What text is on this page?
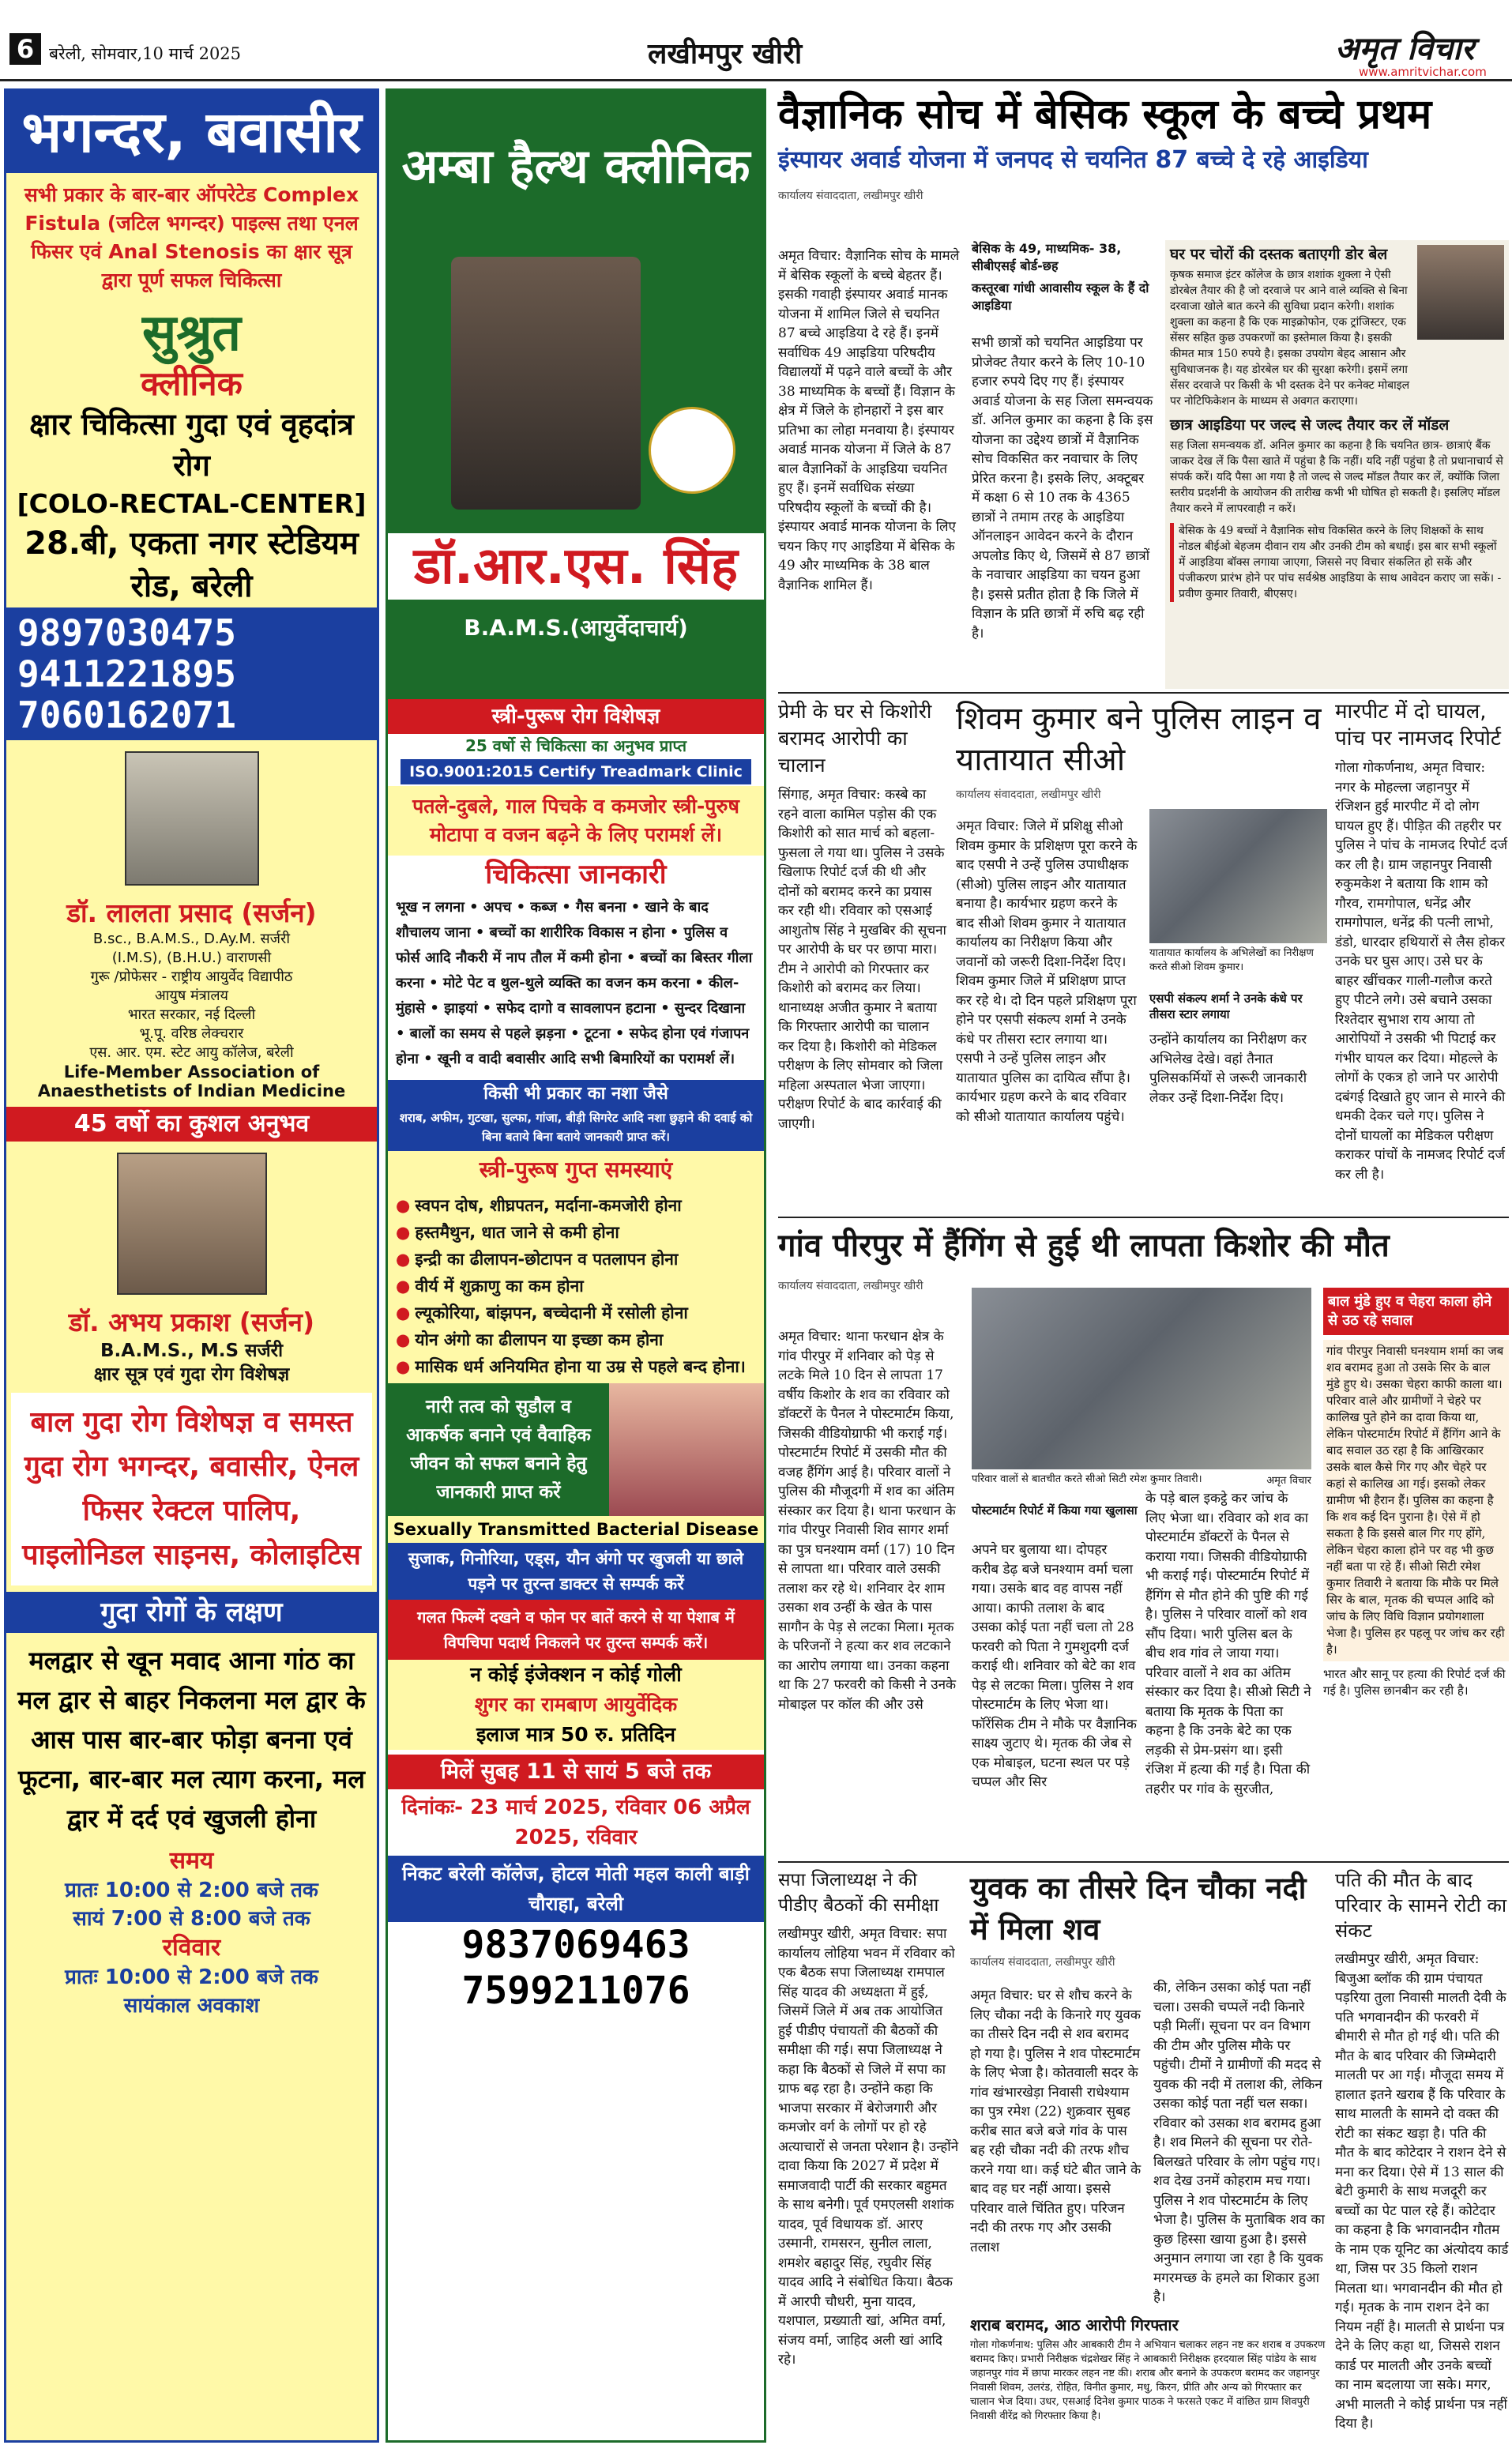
6 बरेली, सोमवार,10 मार्च 2025	लखीमपुर खीरी	अमृत विचार
www.amritvichar.com
भगन्दर, बवासीर
सभी प्रकार के बार-बार ऑपरेटेड Complex Fistula (जटिल भगन्दर) पाइल्स तथा एनल फिसर एवं Anal Stenosis का क्षार सूत्र द्वारा पूर्ण सफल चिकित्सा
सुश्रुत
क्लीनिक
क्षार चिकित्सा गुदा एवं वृहदांत्र रोग
[COLO-RECTAL-CENTER]
28.बी, एकता नगर स्टेडियम रोड, बरेली
9897030475
9411221895
7060162071
डॉ. लालता प्रसाद (सर्जन)
B.sc., B.A.M.S., D.Ay.M. सर्जरी
(I.M.S), (B.H.U.) वाराणसी
गुरू /प्रोफेसर - राष्ट्रीय आयुर्वेद विद्यापीठ
आयुष मंत्रालय
भारत सरकार, नई दिल्ली
भू.पू. वरिष्ठ लेक्चरार
एस. आर. एम. स्टेट आयु कॉलेज, बरेली
Life-Member Association of Anaesthetists of Indian Medicine
45 वर्षो का कुशल अनुभव
डॉ. अभय प्रकाश (सर्जन)
B.A.M.S., M.S सर्जरी
क्षार सूत्र एवं गुदा रोग विशेषज्ञ
बाल गुदा रोग विशेषज्ञ व समस्त गुदा रोग भगन्दर, बवासीर, ऐनल फिसर रेक्टल पालिप, पाइलोनिडल साइनस, कोलाइटिस
गुदा रोगों के लक्षण
मलद्वार से खून मवाद आना गांठ का मल द्वार से बाहर निकलना मल द्वार के आस पास बार-बार फोड़ा बनना एवं फूटना, बार-बार मल त्याग करना, मल द्वार में दर्द एवं खुजली होना
समय
प्रातः 10:00 से 2:00 बजे तक
सायं 7:00 से 8:00 बजे तक
रविवार
प्रातः 10:00 से 2:00 बजे तक
सायंकाल अवकाश
अम्बा हैल्थ क्लीनिक
डॉ.आर.एस. सिंह
B.A.M.S.(आयुर्वेदाचार्य)
स्त्री-पुरूष रोग विशेषज्ञ
25 वर्षो से चिकित्सा का अनुभव प्राप्त
ISO.9001:2015 Certify Treadmark Clinic
पतले-दुबले, गाल पिचके व कमजोर स्त्री-पुरुष मोटापा व वजन बढ़ने के लिए परामर्श लें।
चिकित्सा जानकारी
भूख न लगना • अपच • कब्ज • गैस बनना • खाने के बाद शौचालय जाना • बच्चों का शारीरिक विकास न होना • पुलिस व फोर्स आदि नौकरी में नाप तौल में कमी होना • बच्चों का बिस्तर गीला करना • मोटे पेट व थुल-थुले व्यक्ति का वजन कम करना • कील- मुंहासे • झाइयां • सफेद दागो व सावलापन हटाना • सुन्दर दिखाना • बालों का समय से पहले झड़ना • टूटना • सफेद होना एवं गंजापन होना • खूनी व वादी बवासीर आदि सभी बिमारियों का परामर्श लें।
किसी भी प्रकार का नशा जैसे
शराब, अफीम, गुटखा, सुल्फा, गांजा, बीड़ी सिगरेट आदि नशा छुड़ाने की दवाई को बिना बताये बिना बताये जानकारी प्राप्त करें।
स्त्री-पुरूष गुप्त समस्याएं
● स्वपन दोष, शीघ्रपतन, मर्दाना-कमजोरी होना
● हस्तमैथुन, धात जाने से कमी होना
● इन्द्री का ढीलापन-छोटापन व पतलापन होना
● वीर्य में शुक्राणु का कम होना
● ल्यूकोरिया, बांझपन, बच्चेदानी में रसोली होना
● योन अंगो का ढीलापन या इच्छा कम होना
● मासिक धर्म अनियमित होना या उम्र से पहले बन्द होना।
नारी तत्व को सुडौल व आकर्षक बनाने एवं वैवाहिक जीवन को सफल बनाने हेतु जानकारी प्राप्त करें
Sexually Transmitted Bacterial Disease
सुजाक, गिनोरिया, एड्स, यौन अंगो पर खुजली या छाले पड़ने पर तुरन्त डाक्टर से सम्पर्क करें
गलत फिल्में दखने व फोन पर बातें करने से या पेशाब में विपचिपा पदार्थ निकलने पर तुरन्त सम्पर्क करें।
न कोई इंजेक्शन न कोई गोली
शुगर का रामबाण आयुर्वेदिक
इलाज मात्र 50 रु. प्रतिदिन
मिलें सुबह 11 से सायं 5 बजे तक
दिनांकः- 23 मार्च 2025, रविवार 06 अप्रैल 2025, रविवार
निकट बरेली कॉलेज, होटल मोती महल काली बाड़ी चौराहा, बरेली
9837069463
7599211076
वैज्ञानिक सोच में बेसिक स्कूल के बच्चे प्रथम
इंस्पायर अवार्ड योजना में जनपद से चयनित 87 बच्चे दे रहे आइडिया
कार्यालय संवाददाता, लखीमपुर खीरी

अमृत विचार: वैज्ञानिक सोच के मामले में बेसिक स्कूलों के बच्चे बेहतर हैं। इसकी गवाही इंस्पायर अवार्ड मानक योजना में शामिल जिले से चयनित 87 बच्चे आइडिया दे रहे हैं। इनमें सर्वाधिक 49 आइडिया परिषदीय विद्यालयों में पढ़ने वाले बच्चों के और 38 माध्यमिक के बच्चों हैं। विज्ञान के क्षेत्र में जिले के होनहारों ने इस बार प्रतिभा का लोहा मनवाया है। इंस्पायर अवार्ड मानक योजना में जिले के 87 बाल वैज्ञानिकों के आइडिया चयनित हुए हैं। इनमें सर्वाधिक संख्या परिषदीय स्कूलों के बच्चों की है। इंस्पायर अवार्ड मानक योजना के लिए चयन किए गए आइडिया में बेसिक के 49 और माध्यमिक के 38 बाल वैज्ञानिक शामिल हैं।

बेसिक के 49, माध्यमिक- 38, सीबीएसई बोर्ड-छह
कस्तूरबा गांधी आवासीय स्कूल के हैं दो आइडिया

सभी छात्रों को चयनित आइडिया पर प्रोजेक्ट तैयार करने के लिए 10-10 हजार रुपये दिए गए हैं। इंस्पायर अवार्ड योजना के सह जिला समन्वयक डॉ. अनिल कुमार का कहना है कि इस योजना का उद्देश्य छात्रों में वैज्ञानिक सोच विकसित कर नवाचार के लिए प्रेरित करना है। इसके लिए, अक्टूबर में कक्षा 6 से 10 तक के 4365 छात्रों ने तमाम तरह के आइडिया ऑनलाइन आवेदन करने के दौरान अपलोड किए थे, जिसमें से 87 छात्रों के नवाचार आइडिया का चयन हुआ है। इससे प्रतीत होता है कि जिले में विज्ञान के प्रति छात्रों में रुचि बढ़ रही है।

घर पर चोरों की दस्तक बताएगी डोर बेल
कृषक समाज इंटर कॉलेज के छात्र शशांक शुक्ला ने ऐसी डोरबेल तैयार की है जो दरवाजे पर आने वाले व्यक्ति से बिना दरवाजा खोले बात करने की सुविधा प्रदान करेगी। शशांक शुक्ला का कहना है कि एक माइक्रोफोन, एक ट्रांजिस्टर, एक सेंसर सहित कुछ उपकरणों का इस्तेमाल किया है। इसकी कीमत मात्र 150 रुपये है। इसका उपयोग बेहद आसान और सुविधाजनक है। यह डोरबेल घर की सुरक्षा करेगी। इसमें लगा सेंसर दरवाजे पर किसी के भी दस्तक देने पर कनेक्ट मोबाइल पर नोटिफिकेशन के माध्यम से अवगत कराएगा।
छात्र आइडिया पर जल्द से जल्द तैयार कर लें मॉडल
सह जिला समन्वयक डॉ. अनिल कुमार का कहना है कि चयनित छात्र- छात्राएं बैंक जाकर देख लें कि पैसा खाते में पहुंचा है कि नहीं। यदि नहीं पहुंचा है तो प्रधानाचार्य से संपर्क करें। यदि पैसा आ गया है तो जल्द से जल्द मॉडल तैयार कर लें, क्योंकि जिला स्तरीय प्रदर्शनी के आयोजन की तारीख कभी भी घोषित हो सकती है। इसलिए मॉडल तैयार करने में लापरवाही न करें।
बेसिक के 49 बच्चों ने वैज्ञानिक सोच विकसित करने के लिए शिक्षकों के साथ नोडल बीईओ बेहजम दीवान राय और उनकी टीम को बधाई। इस बार सभी स्कूलों में आइडिया बॉक्स लगाया जाएगा, जिससे नए विचार संकलित हो सकें और पंजीकरण प्रारंभ होने पर पांच सर्वश्रेष्ठ आइडिया के साथ आवेदन कराए जा सकें। - प्रवीण कुमार तिवारी, बीएसए।
प्रेमी के घर से किशोरी बरामद आरोपी का चालान

सिंगाह, अमृत विचार: कस्बे का रहने वाला कामिल पड़ोस की एक किशोरी को सात मार्च को बहला-फुसला ले गया था। पुलिस ने उसके खिलाफ रिपोर्ट दर्ज की थी और दोनों को बरामद करने का प्रयास कर रही थी। रविवार को एसआई आशुतोष सिंह ने मुखबिर की सूचना पर आरोपी के घर पर छापा मारा। टीम ने आरोपी को गिरफ्तार कर किशोरी को बरामद कर लिया। थानाध्यक्ष अजीत कुमार ने बताया कि गिरफ्तार आरोपी का चालान कर दिया है। किशोरी को मेडिकल परीक्षण के लिए सोमवार को जिला महिला अस्पताल भेजा जाएगा। परीक्षण रिपोर्ट के बाद कार्रवाई की जाएगी।

शिवम कुमार बने पुलिस लाइन व यातायात सीओ
कार्यालय संवाददाता, लखीमपुर खीरी

अमृत विचार: जिले में प्रशिक्षु सीओ शिवम कुमार के प्रशिक्षण पूरा करने के बाद एसपी ने उन्हें पुलिस उपाधीक्षक (सीओ) पुलिस लाइन और यातायात बनाया है। कार्यभार ग्रहण करने के बाद सीओ शिवम कुमार ने यातायात कार्यालय का निरीक्षण किया और जवानों को जरूरी दिशा-निर्देश दिए। शिवम कुमार जिले में प्रशिक्षण प्राप्त कर रहे थे। दो दिन पहले प्रशिक्षण पूरा होने पर एसपी संकल्प शर्मा ने उनके कंधे पर तीसरा स्टार लगाया था। एसपी ने उन्हें पुलिस लाइन और यातायात पुलिस का दायित्व सौंपा है। कार्यभार ग्रहण करने के बाद रविवार को सीओ यातायात कार्यालय पहुंचे।

यातायात कार्यालय के अभिलेखों का निरीक्षण करते सीओ शिवम कुमार।
एसपी संकल्प शर्मा ने उनके कंधे पर तीसरा स्टार लगाया

उन्होंने कार्यालय का निरीक्षण कर अभिलेख देखे। वहां तैनात पुलिसकर्मियों से जरूरी जानकारी लेकर उन्हें दिशा-निर्देश दिए।

मारपीट में दो घायल, पांच पर नामजद रिपोर्ट

गोला गोकर्णनाथ, अमृत विचार: नगर के मोहल्ला जहानपुर में रंजिशन हुई मारपीट में दो लोग घायल हुए हैं। पीड़ित की तहरीर पर पुलिस ने पांच के नामजद रिपोर्ट दर्ज कर ली है। ग्राम जहानपुर निवासी रुकुमकेश ने बताया कि शाम को गौरव, रामगोपाल, धनेंद्र और रामगोपाल, धनेंद्र की पत्नी लाभो, डंडो, धारदार हथियारों से लैस होकर उनके घर घुस आए। उसे घर के बाहर खींचकर गाली-गलौज करते हुए पीटने लगे। उसे बचाने उसका रिश्तेदार सुभाश राय आया तो आरोपियों ने उसकी भी पिटाई कर गंभीर घायल कर दिया। मोहल्ले के लोगों के एकत्र हो जाने पर आरोपी दबंगई दिखाते हुए जान से मारने की धमकी देकर चले गए। पुलिस ने दोनों घायलों का मेडिकल परीक्षण कराकर पांचों के नामजद रिपोर्ट दर्ज कर ली है।

गांव पीरपुर में हैंगिंग से हुई थी लापता किशोर की मौत
कार्यालय संवाददाता, लखीमपुर खीरी

अमृत विचार: थाना फरधान क्षेत्र के गांव पीरपुर में शनिवार को पेड़ से लटके मिले 10 दिन से लापता 17 वर्षीय किशोर के शव का रविवार को डॉक्टरों के पैनल ने पोस्टमार्टम किया, जिसकी वीडियोग्राफी भी कराई गई। पोस्टमार्टम रिपोर्ट में उसकी मौत की वजह हैंगिंग आई है। परिवार वालों ने पुलिस की मौजूदगी में शव का अंतिम संस्कार कर दिया है। थाना फरधान के गांव पीरपुर निवासी शिव सागर शर्मा का पुत्र घनश्याम वर्मा (17) 10 दिन से लापता था। परिवार वाले उसकी तलाश कर रहे थे। शनिवार देर शाम उसका शव उन्हीं के खेत के पास सागौन के पेड़ से लटका मिला। मृतक के परिजनों ने हत्या कर शव लटकाने का आरोप लगाया था। उनका कहना था कि 27 फरवरी को किसी ने उनके मोबाइल पर कॉल की और उसे

परिवार वालों से बातचीत करते सीओ सिटी रमेश कुमार तिवारी।	अमृत विचार
पोस्टमार्टम रिपोर्ट में किया गया खुलासा

अपने घर बुलाया था। दोपहर करीब डेढ़ बजे घनश्याम वर्मा चला गया। उसके बाद वह वापस नहीं आया। काफी तलाश के बाद उसका कोई पता नहीं चला तो 28 फरवरी को पिता ने गुमशुदगी दर्ज कराई थी। शनिवार को बेटे का शव पेड़ से लटका मिला। पुलिस ने शव पोस्टमार्टम के लिए भेजा था। फॉरेंसिक टीम ने मौके पर वैज्ञानिक साक्ष्य जुटाए थे। मृतक की जेब से एक मोबाइल, घटना स्थल पर पड़े चप्पल और सिर

के पड़े बाल इकट्ठे कर जांच के लिए भेजा था। रविवार को शव का पोस्टमार्टम डॉक्टरों के पैनल से कराया गया। जिसकी वीडियोग्राफी भी कराई गई। पोस्टमार्टम रिपोर्ट में हैंगिंग से मौत होने की पुष्टि की गई है। पुलिस ने परिवार वालों को शव सौंप दिया। भारी पुलिस बल के बीच शव गांव ले जाया गया। परिवार वालों ने शव का अंतिम संस्कार कर दिया है। सीओ सिटी ने बताया कि मृतक के पिता का कहना है कि उनके बेटे का एक लड़की से प्रेम-प्रसंग था। इसी रंजिश में हत्या की गई है। पिता की तहरीर पर गांव के सुरजीत,

बाल मुंडे हुए व चेहरा काला होने से उठ रहे सवाल
गांव पीरपुर निवासी घनश्याम शर्मा का जब शव बरामद हुआ तो उसके सिर के बाल मुंडे हुए थे। उसका चेहरा काफी काला था। परिवार वाले और ग्रामीणों ने चेहरे पर कालिख पुते होने का दावा किया था, लेकिन पोस्टमार्टम रिपोर्ट में हैंगिंग आने के बाद सवाल उठ रहा है कि आखिरकार उसके बाल कैसे गिर गए और चेहरे पर कहां से कालिख आ गई। इसको लेकर ग्रामीण भी हैरान हैं। पुलिस का कहना है कि शव कई दिन पुराना है। ऐसे में हो सकता है कि इससे बाल गिर गए होंगे, लेकिन चेहरा काला होने पर वह भी कुछ नहीं बता पा रहे हैं। सीओ सिटी रमेश कुमार तिवारी ने बताया कि मौके पर मिले सिर के बाल, मृतक की चप्पल आदि को जांच के लिए विधि विज्ञान प्रयोगशाला भेजा है। पुलिस हर पहलू पर जांच कर रही है।
भारत और सानू पर हत्या की रिपोर्ट दर्ज की गई है। पुलिस छानबीन कर रही है।
सपा जिलाध्यक्ष ने की पीडीए बैठकों की समीक्षा

लखीमपुर खीरी, अमृत विचार: सपा कार्यालय लोहिया भवन में रविवार को एक बैठक सपा जिलाध्यक्ष रामपाल सिंह यादव की अध्यक्षता में हुई, जिसमें जिले में अब तक आयोजित हुई पीडीए पंचायतों की बैठकों की समीक्षा की गई। सपा जिलाध्यक्ष ने कहा कि बैठकों से जिले में सपा का ग्राफ बढ़ रहा है। उन्होंने कहा कि भाजपा सरकार में बेरोजगारी और कमजोर वर्ग के लोगों पर हो रहे अत्याचारों से जनता परेशान है। उन्होंने दावा किया कि 2027 में प्रदेश में समाजवादी पार्टी की सरकार बहुमत के साथ बनेगी। पूर्व एमएलसी शशांक यादव, पूर्व विधायक डॉ. आरए उस्मानी, रामसरन, सुनील लाला, शमशेर बहादुर सिंह, रघुवीर सिंह यादव आदि ने संबोधित किया। बैठक में आरपी चौधरी, मुना यादव, यशपाल, प्रख्याती खां, अमित वर्मा, संजय वर्मा, जाहिद अली खां आदि रहे।

युवक का तीसरे दिन चौका नदी में मिला शव
कार्यालय संवाददाता, लखीमपुर खीरी

अमृत विचार: घर से शौच करने के लिए चौका नदी के किनारे गए युवक का तीसरे दिन नदी से शव बरामद हो गया है। पुलिस ने शव पोस्टमार्टम के लिए भेजा है। कोतवाली सदर के गांव खंभारखेड़ा निवासी राधेश्याम का पुत्र रमेश (22) शुक्रवार सुबह करीब सात बजे बजे गांव के पास बह रही चौका नदी की तरफ शौच करने गया था। कई घंटे बीत जाने के बाद वह घर नहीं आया। इससे परिवार वाले चिंतित हुए। परिजन नदी की तरफ गए और उसकी तलाश

की, लेकिन उसका कोई पता नहीं चला। उसकी चप्पलें नदी किनारे पड़ी मिलीं। सूचना पर वन विभाग की टीम और पुलिस मौके पर पहुंची। टीमों ने ग्रामीणों की मदद से युवक की नदी में तलाश की, लेकिन उसका कोई पता नहीं चल सका। रविवार को उसका शव बरामद हुआ है। शव मिलने की सूचना पर रोते-बिलखते परिवार के लोग पहुंच गए। शव देख उनमें कोहराम मच गया। पुलिस ने शव पोस्टमार्टम के लिए भेजा है। पुलिस के मुताबिक शव का कुछ हिस्सा खाया हुआ है। इससे अनुमान लगाया जा रहा है कि युवक मगरमच्छ के हमले का शिकार हुआ है।

शराब बरामद, आठ आरोपी गिरफ्तार
गोला गोकर्णनाथ: पुलिस और आबकारी टीम ने अभियान चलाकर लहन नष्ट कर शराब व उपकरण बरामद किए। प्रभारी निरीक्षक चंद्रशेखर सिंह ने आबकारी निरीक्षक हरदयाल सिंह पांडेय के साथ जहानपुर गांव में छापा मारकर लहन नष्ट की। शराब और बनाने के उपकरण बरामद कर जहानपुर निवासी शिवम, उलरंड, रोहित, विनीत कुमार, मधु, किरन, प्रीति और अन्य को गिरफ्तार कर चालान भेज दिया। उधर, एसआई दिनेश कुमार पाठक ने फरसते एकट में वांछित ग्राम शिवपुरी निवासी वीरेंद्र को गिरफ्तार किया है।
पति की मौत के बाद परिवार के सामने रोटी का संकट

लखीमपुर खीरी, अमृत विचार: बिजुआ ब्लॉक की ग्राम पंचायत पड़रिया तुला निवासी मालती देवी के पति भगवानदीन की फरवरी में बीमारी से मौत हो गई थी। पति की मौत के बाद परिवार की जिम्मेदारी मालती पर आ गई। मौजूदा समय में हालात इतने खराब हैं कि परिवार के साथ मालती के सामने दो वक्त की रोटी का संकट खड़ा है। पति की मौत के बाद कोटेदार ने राशन देने से मना कर दिया। ऐसे में 13 साल की बेटी कुमारी के साथ मजदूरी कर बच्चों का पेट पाल रहे हैं। कोटेदार का कहना है कि भगवानदीन गौतम के नाम एक यूनिट का अंत्योदय कार्ड था, जिस पर 35 किलो राशन मिलता था। भगवानदीन की मौत हो गई। मृतक के नाम राशन देने का नियम नहीं है। मालती से प्रार्थना पत्र देने के लिए कहा था, जिससे राशन कार्ड पर मालती और उनके बच्चों का नाम बदलाया जा सके। मगर, अभी मालती ने कोई प्रार्थना पत्र नहीं दिया है।
